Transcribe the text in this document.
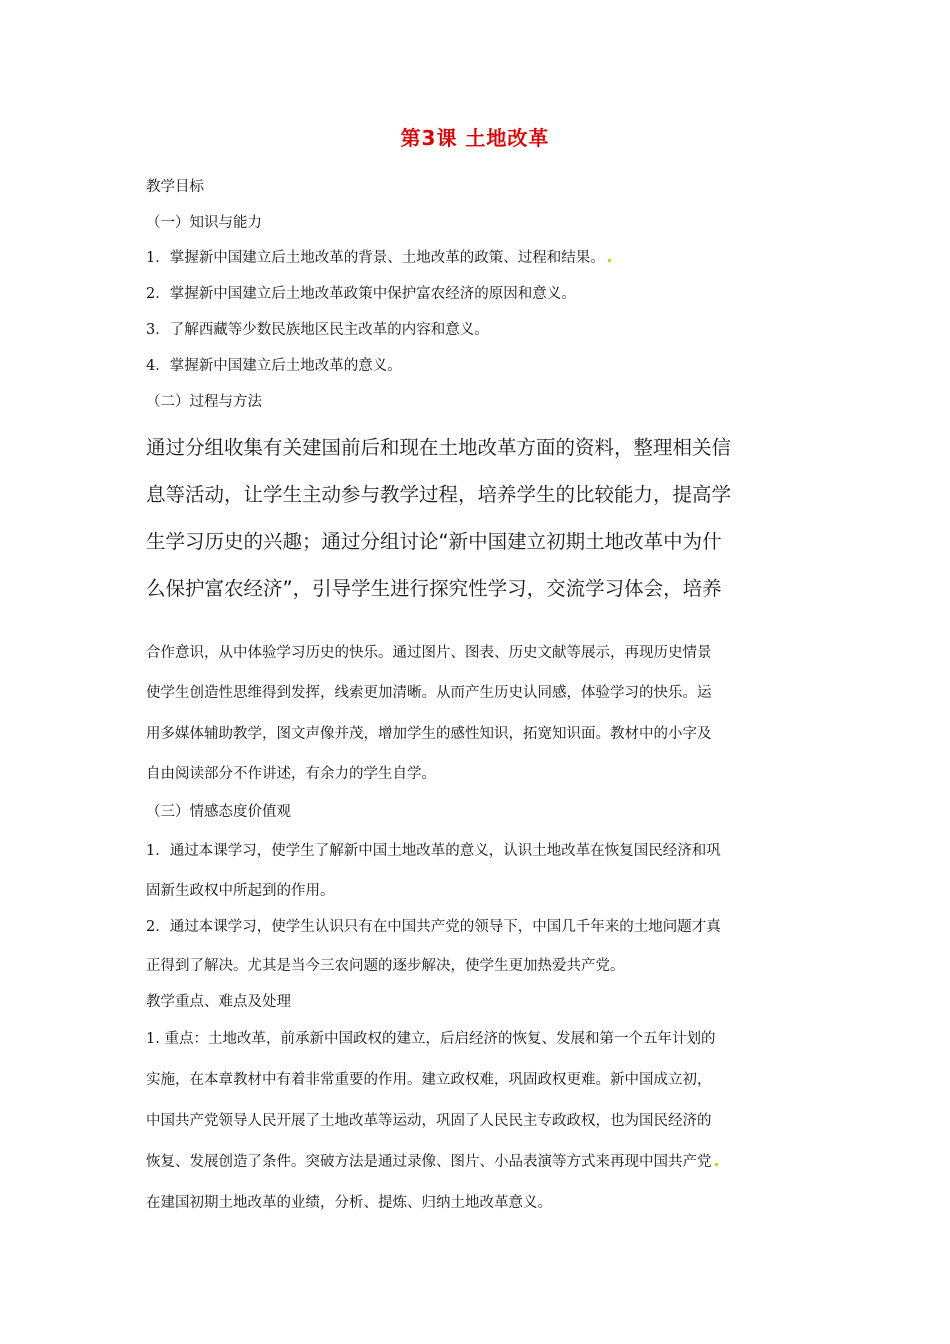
第3课 土地改革
教学目标
（一）知识与能力
1．掌握新中国建立后土地改革的背景、土地改革的政策、过程和结果。
2．掌握新中国建立后土地改革政策中保护富农经济的原因和意义。
3．了解西藏等少数民族地区民主改革的内容和意义。
4．掌握新中国建立后土地改革的意义。
（二）过程与方法
通过分组收集有关建国前后和现在土地改革方面的资料，整理相关信
息等活动，让学生主动参与教学过程，培养学生的比较能力，提高学
生学习历史的兴趣；通过分组讨论“新中国建立初期土地改革中为什
么保护富农经济”，引导学生进行探究性学习，交流学习体会，培养
合作意识，从中体验学习历史的快乐。通过图片、图表、历史文献等展示，再现历史情景
使学生创造性思维得到发挥，线索更加清晰。从而产生历史认同感，体验学习的快乐。运
用多媒体辅助教学，图文声像并茂，增加学生的感性知识，拓宽知识面。教材中的小字及
自由阅读部分不作讲述，有余力的学生自学。
（三）情感态度价值观
1．通过本课学习，使学生了解新中国土地改革的意义，认识土地改革在恢复国民经济和巩
固新生政权中所起到的作用。
2．通过本课学习，使学生认识只有在中国共产党的领导下，中国几千年来的土地问题才真
正得到了解决。尤其是当今三农问题的逐步解决，使学生更加热爱共产党。
教学重点、难点及处理
1. 重点：土地改革，前承新中国政权的建立，后启经济的恢复、发展和第一个五年计划的
实施，在本章教材中有着非常重要的作用。建立政权难，巩固政权更难。新中国成立初，
中国共产党领导人民开展了土地改革等运动，巩固了人民民主专政政权，也为国民经济的
恢复、发展创造了条件。突破方法是通过录像、图片、小品表演等方式来再现中国共产党
在建国初期土地改革的业绩，分析、提炼、归纳土地改革意义。
